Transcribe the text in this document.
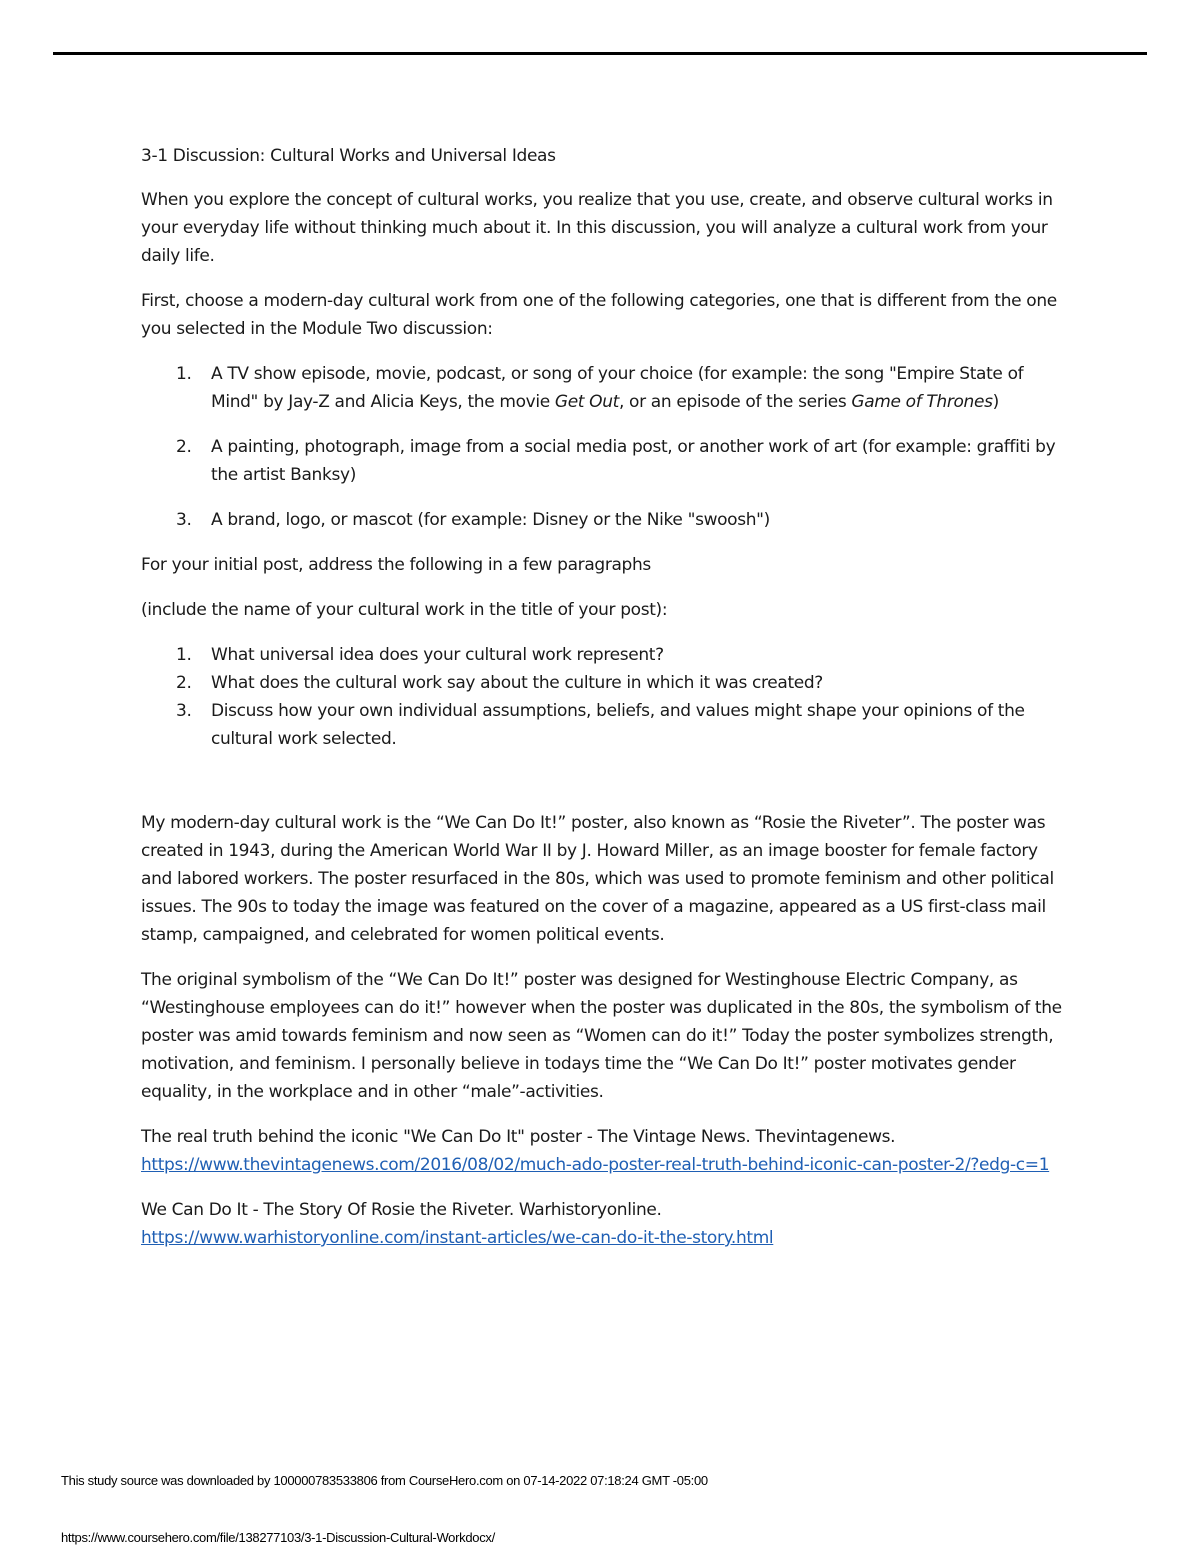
3-1 Discussion: Cultural Works and Universal Ideas

When you explore the concept of cultural works, you realize that you use, create, and observe cultural works in your everyday life without thinking much about it. In this discussion, you will analyze a cultural work from your daily life.

First, choose a modern-day cultural work from one of the following categories, one that is different from the one you selected in the Module Two discussion:

1. A TV show episode, movie, podcast, or song of your choice (for example: the song "Empire State of Mind" by Jay-Z and Alicia Keys, the movie Get Out, or an episode of the series Game of Thrones)
2. A painting, photograph, image from a social media post, or another work of art (for example: graffiti by the artist Banksy)
3. A brand, logo, or mascot (for example: Disney or the Nike "swoosh")

For your initial post, address the following in a few paragraphs

(include the name of your cultural work in the title of your post):

1. What universal idea does your cultural work represent?
2. What does the cultural work say about the culture in which it was created?
3. Discuss how your own individual assumptions, beliefs, and values might shape your opinions of the cultural work selected.

My modern-day cultural work is the “We Can Do It!” poster, also known as “Rosie the Riveter”. The poster was created in 1943, during the American World War II by J. Howard Miller, as an image booster for female factory and labored workers. The poster resurfaced in the 80s, which was used to promote feminism and other political issues. The 90s to today the image was featured on the cover of a magazine, appeared as a US first-class mail stamp, campaigned, and celebrated for women political events.

The original symbolism of the “We Can Do It!” poster was designed for Westinghouse Electric Company, as “Westinghouse employees can do it!” however when the poster was duplicated in the 80s, the symbolism of the poster was amid towards feminism and now seen as “Women can do it!” Today the poster symbolizes strength, motivation, and feminism. I personally believe in todays time the “We Can Do It!” poster motivates gender equality, in the workplace and in other “male”-activities.

The real truth behind the iconic "We Can Do It" poster - The Vintage News. Thevintagenews.
https://www.thevintagenews.com/2016/08/02/much-ado-poster-real-truth-behind-iconic-can-poster-2/?edg-c=1

We Can Do It - The Story Of Rosie the Riveter. Warhistoryonline.
https://www.warhistoryonline.com/instant-articles/we-can-do-it-the-story.html

This study source was downloaded by 100000783533806 from CourseHero.com on 07-14-2022 07:18:24 GMT -05:00
https://www.coursehero.com/file/138277103/3-1-Discussion-Cultural-Workdocx/
